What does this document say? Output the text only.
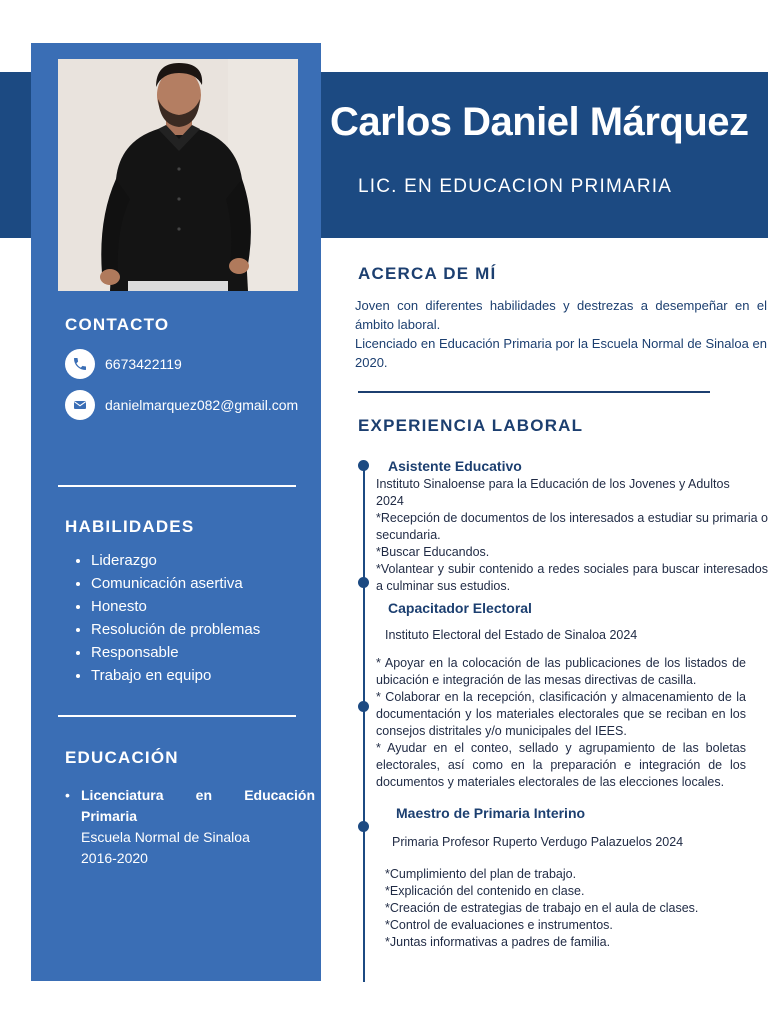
CONTACTO
6673422119
danielmarquez082@gmail.com
HABILIDADES
• Liderazgo
• Comunicación asertiva
• Honesto
• Resolución de problemas
• Responsable
• Trabajo en equipo
EDUCACIÓN
• Licenciatura en Educación
Primaria
Escuela Normal de Sinaloa
2016-2020
Carlos Daniel Márquez
LIC. EN EDUCACION PRIMARIA
ACERCA DE MÍ
Joven con diferentes habilidades y destrezas a desempeñar en el ámbito laboral.
Licenciado en Educación Primaria por la Escuela Normal de Sinaloa en 2020.
EXPERIENCIA LABORAL
Asistente Educativo
Instituto Sinaloense para la Educación de los Jovenes y Adultos
2024
*Recepción de documentos de los interesados a estudiar su primaria o secundaria.
*Buscar Educandos.
*Volantear y subir contenido a redes sociales para buscar interesados a culminar sus estudios.
Capacitador Electoral
Instituto Electoral del Estado de Sinaloa 2024
* Apoyar en la colocación de las publicaciones de los listados de ubicación e integración de las mesas directivas de casilla.
* Colaborar en la recepción, clasificación y almacenamiento de la documentación y los materiales electorales que se reciban en los consejos distritales y/o municipales del IEES.
* Ayudar en el conteo, sellado y agrupamiento de las boletas electorales, así como en la preparación e integración de los documentos y materiales electorales de las elecciones locales.
Maestro de Primaria Interino
Primaria Profesor Ruperto Verdugo Palazuelos 2024
*Cumplimiento del plan de trabajo.
*Explicación del contenido en clase.
*Creación de estrategias de trabajo en el aula de clases.
*Control de evaluaciones e instrumentos.
*Juntas informativas a padres de familia.
